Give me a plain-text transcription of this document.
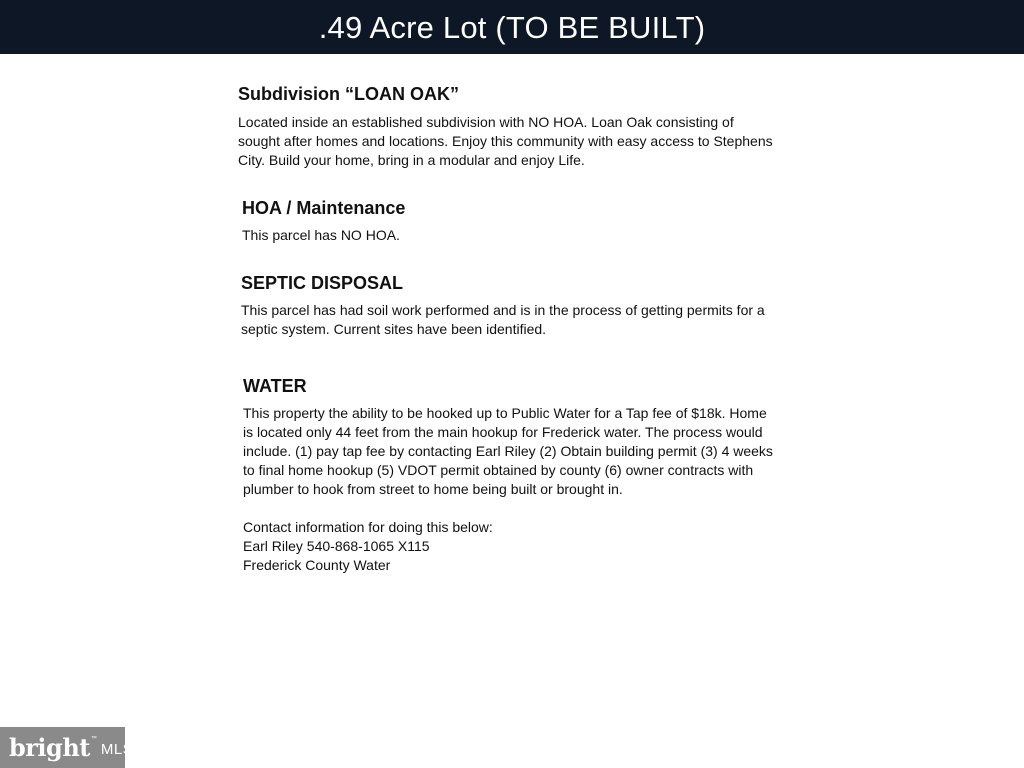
.49 Acre Lot (TO BE BUILT)
Subdivision “LOAN OAK”
Located inside an established subdivision with NO HOA. Loan Oak consisting of
sought after homes and locations. Enjoy this community with easy access to Stephens
City. Build your home, bring in a modular and enjoy Life.
HOA / Maintenance
This parcel has NO HOA.
SEPTIC DISPOSAL
This parcel has had soil work performed and is in the process of getting permits for a
septic system. Current sites have been identified.
WATER
This property the ability to be hooked up to Public Water for a Tap fee of $18k. Home
is located only 44 feet from the main hookup for Frederick water. The process would
include. (1) pay tap fee by contacting Earl Riley (2) Obtain building permit (3) 4 weeks
to final home hookup (5) VDOT permit obtained by county (6) owner contracts with
plumber to hook from street to home being built or brought in.
Contact information for doing this below:
Earl Riley 540-868-1065 X115
Frederick County Water
bright ™
MLS
